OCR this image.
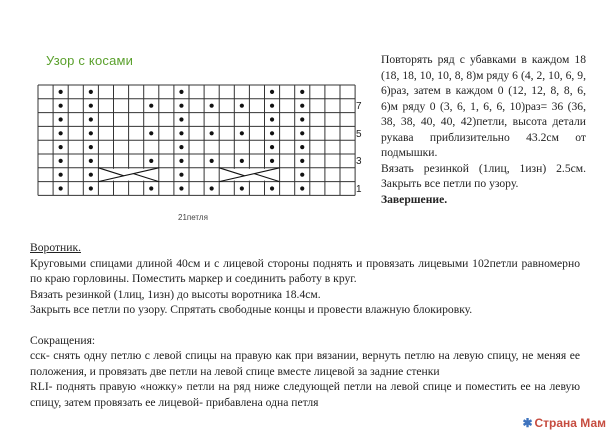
Узор с косами
7
5
3
1
21петля

Повторять ряд с убавками в каждом 18 (18, 18, 10, 10, 8, 8)м ряду 6 (4, 2, 10, 6, 9, 6)раз, затем в каждом 0 (12, 12, 8, 8, 6, 6)м ряду 0 (3, 6, 1, 6, 6, 10)раз= 36 (36, 38, 38, 40, 40, 42)петли, высота детали рукава приблизительно 43.2см от подмышки.

Вязать резинкой (1лиц, 1изн) 2.5см. Закрыть все петли по узору.

Завершение.

Воротник.

Круговыми спицами длиной 40см и с лицевой стороны поднять и провязать лицевыми 102петли равномерно по краю горловины. Поместить маркер и соединить работу в круг.

Вязать резинкой (1лиц, 1изн) до высоты воротника 18.4см.

Закрыть все петли по узору. Спрятать свободные концы и провести влажную блокировку.

Сокращения:

сск- снять одну петлю с левой спицы на правую как при вязании, вернуть петлю на левую спицу, не меняя ее положения, и провязать две петли на левой спице вместе лицевой за задние стенки

RLI- поднять правую «ножку» петли на ряд ниже следующей петли на левой спице и поместить ее на левую спицу, затем провязать ее лицевой- прибавлена одна петля

✱ Страна Мам
